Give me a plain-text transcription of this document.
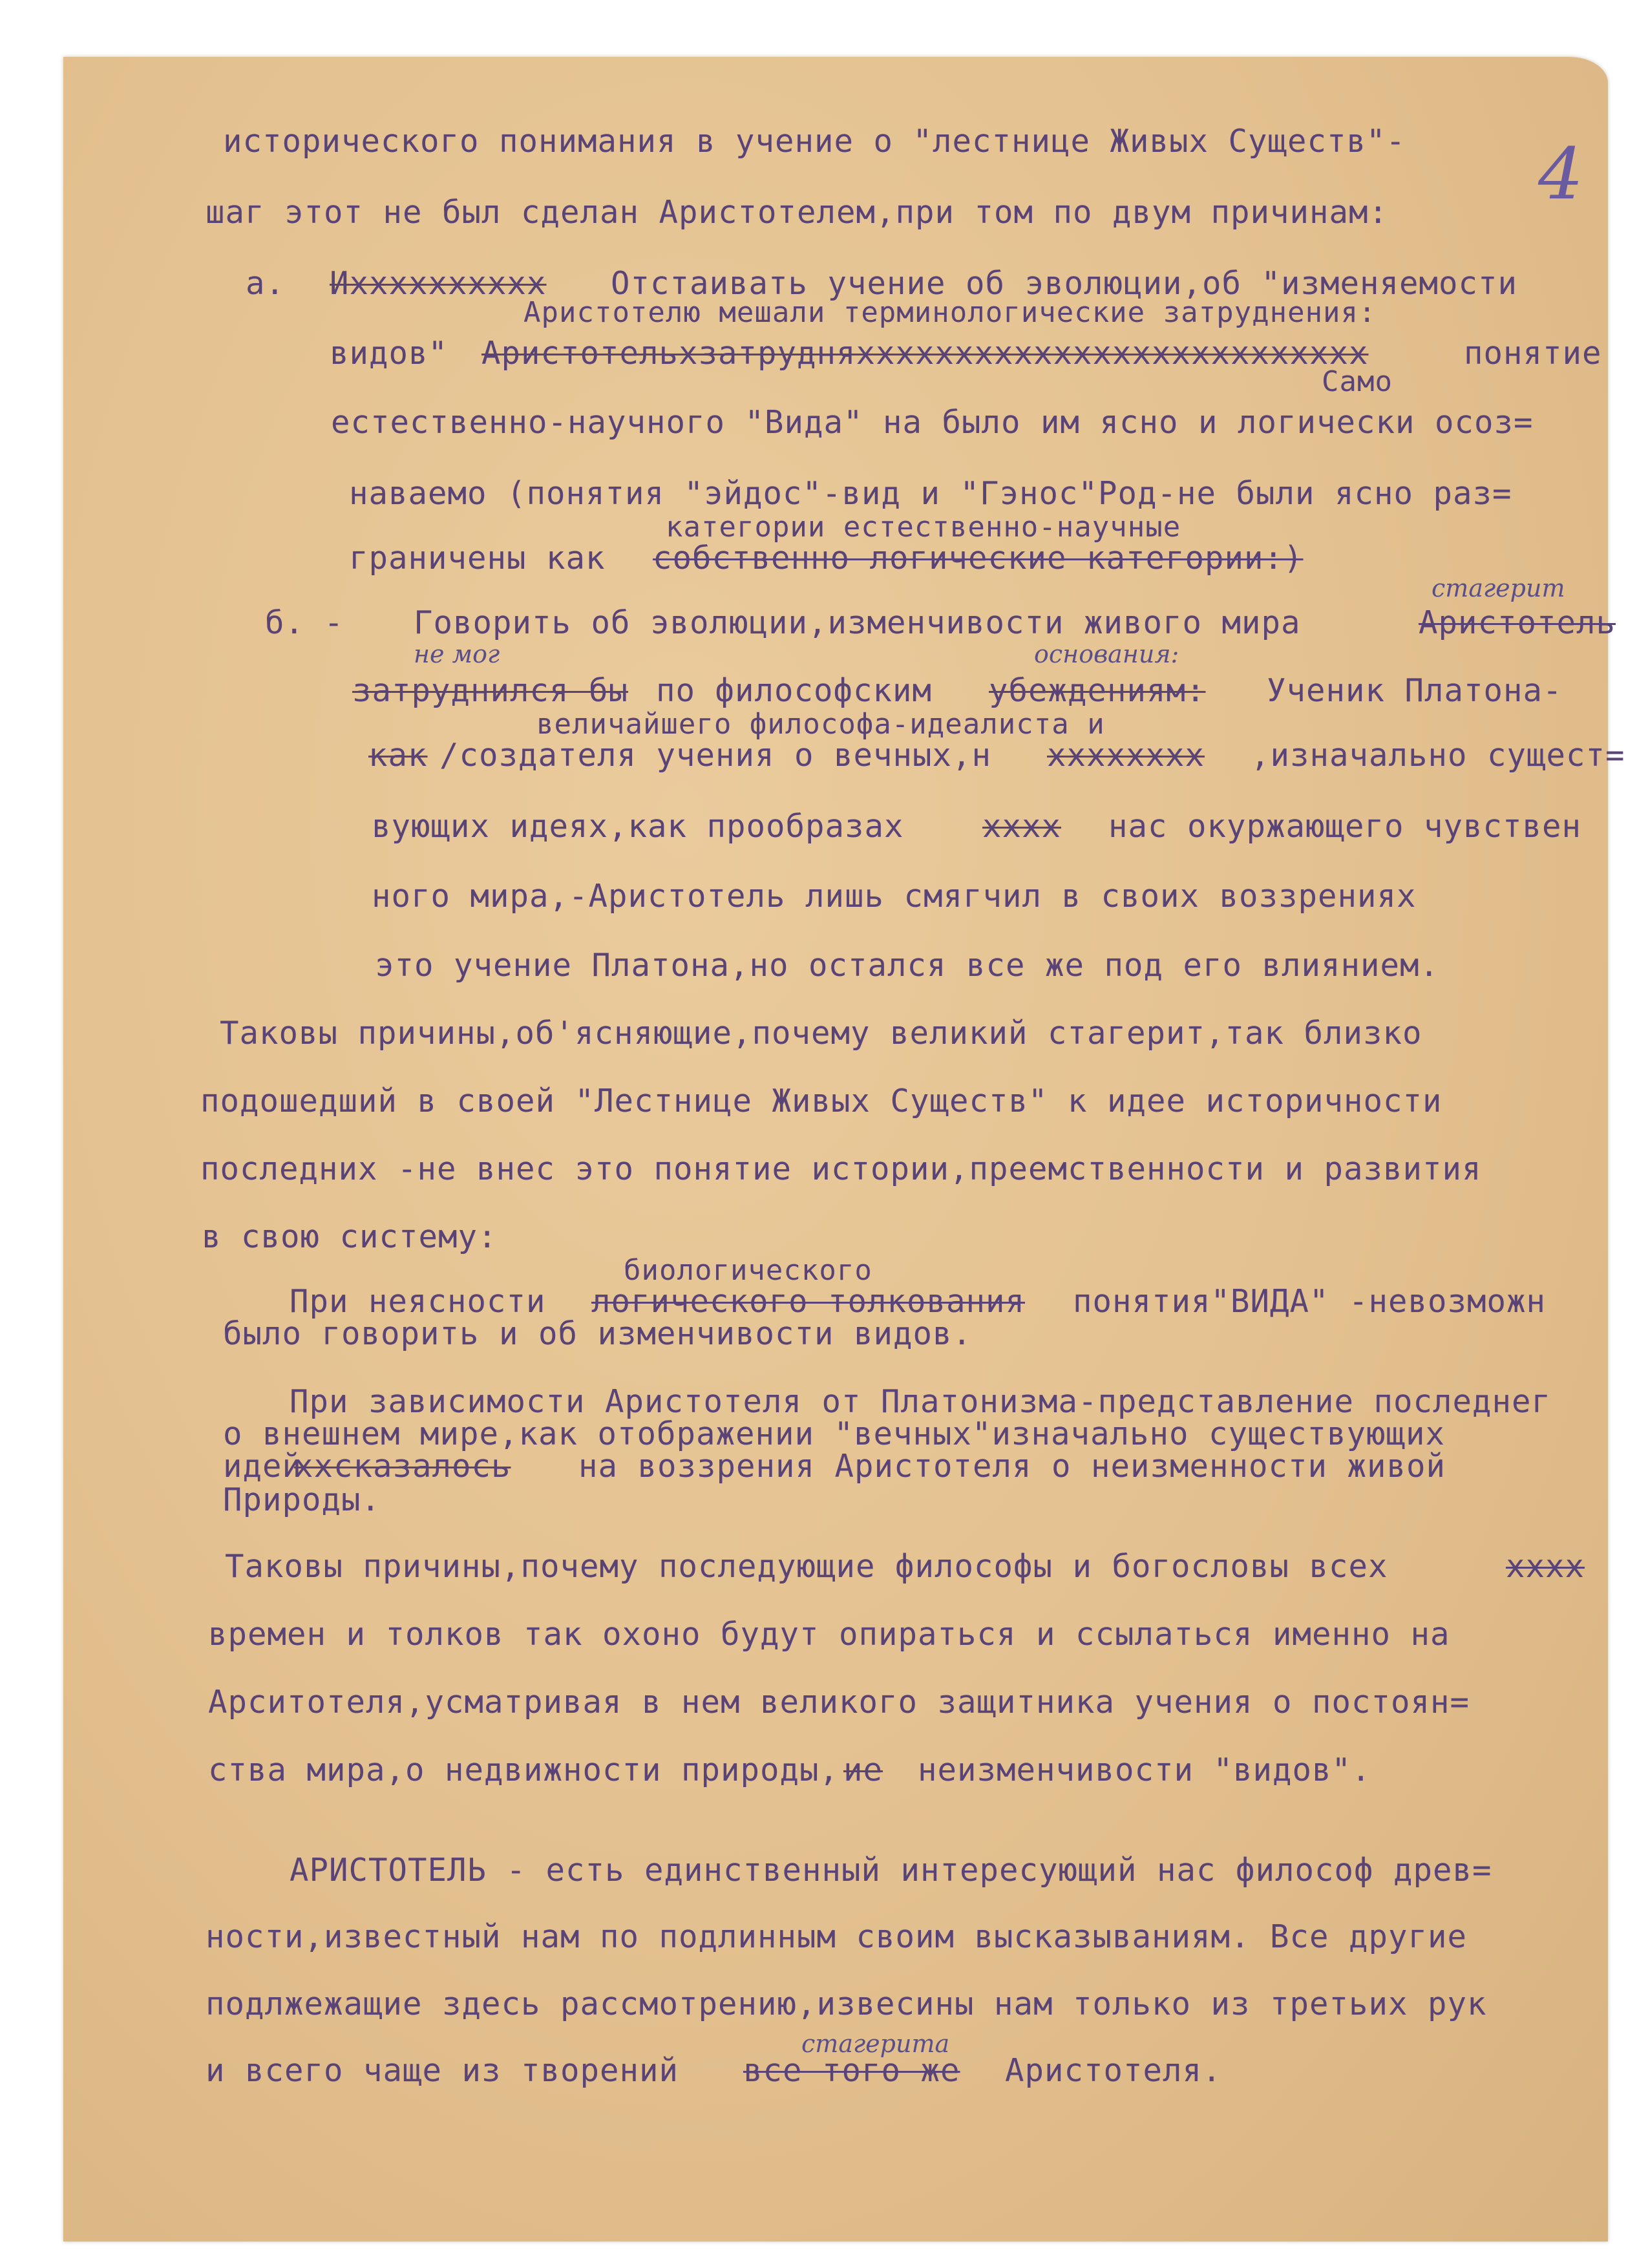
4
исторического понимания в учение о "лестнице Живых Существ"-
шаг этот не был сделан Аристотелем,при том по двум причинам:
а. Ихххххххххх Отстаивать учение об эволюции,об "изменяемости
Аристотелю мешали терминологические затруднения:
видов" Аристотельхзатрудняхххххххххххххххххххххххххх	понятие
Само
естественно-научного "Вида" на было им ясно и логически осоз=
наваемо (понятия "эйдос"-вид и "Гэнос"Род-не были ясно раз=
категории естественно-научные
граничены как собственно логические категории:)
стагерит
б. - Говорить об эволюции,изменчивости живого мира	Аристотель
не мог	основания:
затруднился бы по философским убеждениям: Ученик Платона-
величайшего философа-идеалиста и
как /создателя учения о вечных,н хххххххх ,изначально сущест=
вующих идеях,как прообразах хххх нас окуржающего чувствен
ного мира,-Аристотель лишь смягчил в своих воззрениях
это учение Платона,но остался все же под его влиянием.
Таковы причины,об'ясняющие,почему великий стагерит,так близко
подошедший в своей "Лестнице Живых Существ" к идее историчности
последних -не внес это понятие истории,преемственности и развития
в свою систему:
биологического
При неясности логического толкования понятия"ВИДА" -невозможн
было говорить и об изменчивости видов.
При зависимости Аристотеля от Платонизма-представление последнег
о внешнем мире,как отображении "вечных"изначально существующих
идей
ххсказалось на воззрения Аристотеля о неизменности живой
Природы.
Таковы причины,почему последующие философы и богословы всех	хххх
времен и толков так охоно будут опираться и ссылаться именно на
Арситотеля,усматривая в нем великого защитника учения о постоян=
ства мира,о недвижности природы, ие неизменчивости "видов".
АРИСТОТЕЛЬ - есть единственный интересующий нас философ древ=
ности,известный нам по подлинным своим высказываниям. Все другие
подлжежащие здесь рассмотрению,извесины нам только из третьих рук
стагерита
и всего чаще из творений все того же Аристотеля.
